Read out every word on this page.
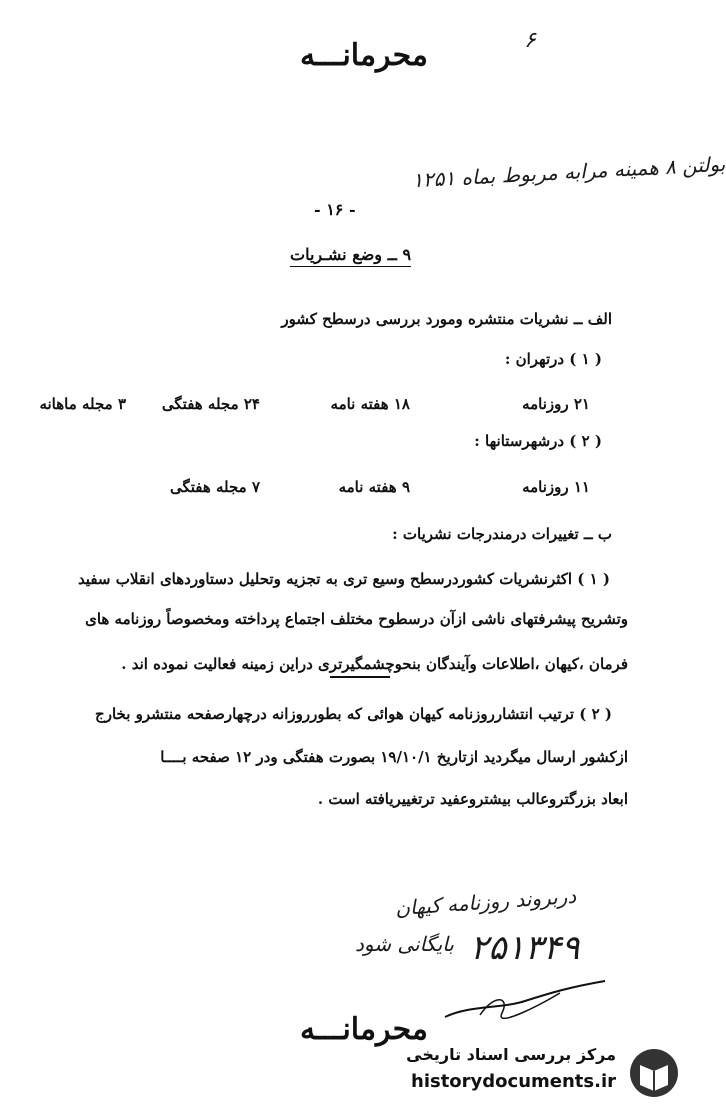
۶
محرمانـــه
بولتن ۸ همینه مرابه مربوط بماه ۱۲۵۱
- ۱۶ -
۹ ــ وضع نشـریات
الف ــ نشریات منتشره ومورد بررسی درسطح کشور
( ۱ ) درتهران :
۲۱ روزنامه
۱۸ هفته نامه
۲۴ مجله هفتگی
۳ مجله ماهانه
( ۲ ) درشهرستانها :
۱۱ روزنامه
۹ هفته نامه
۷ مجله هفتگی
ب ــ تغییرات درمندرجات نشریات :
( ۱ ) اکثرنشریات کشوردرسطح وسیع تری به تجزیه وتحلیل دستاوردهای انقلاب سفید
وتشریح پیشرفتهای ناشی ازآن درسطوح مختلف اجتماع پرداخته ومخصوصاً روزنامه های
فرمان ،کیهان ،اطلاعات وآیندگان بنحوچشمگیرتری دراین زمینه فعالیت نموده اند .
( ۲ ) ترتیب انتشارروزنامه کیهان هوائی که بطورروزانه درچهارصفحه منتشرو بخارج
ازکشور ارسال میگردید ازتاریخ ۱۹/۱۰/۱ بصورت هفتگی ودر ۱۲ صفحه بــــا
ابعاد بزرگتروعالب بیشتروعفید ترتغییریافته است .
دربروند روزنامه کیهان
۲۵۱۳۴۹
بایگانی شود
محرمانـــه
مرکز بررسی اسناد تاریخی
historydocuments.ir
